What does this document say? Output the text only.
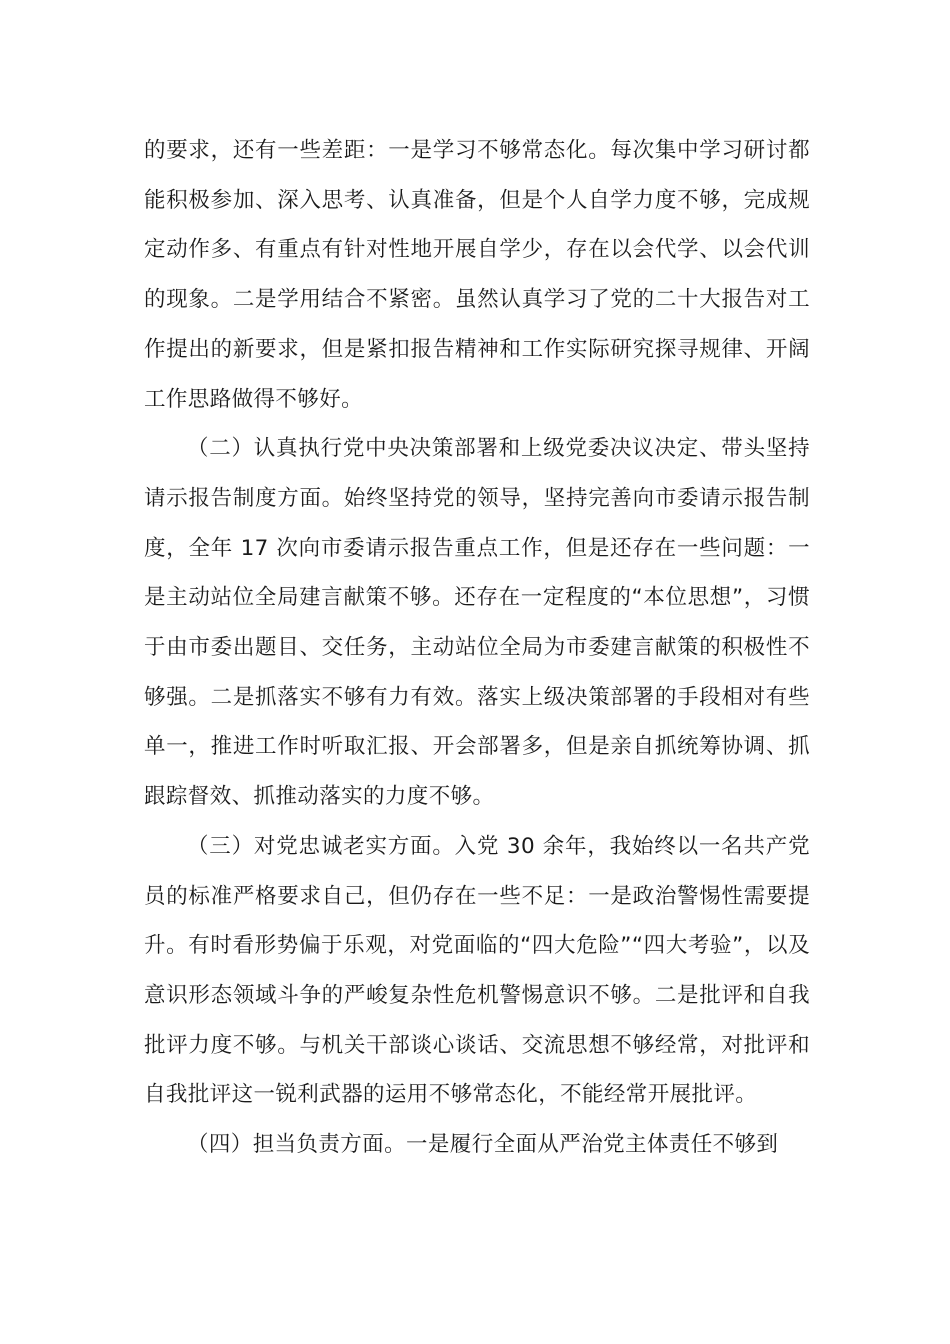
的要求，还有一些差距：一是学习不够常态化。每次集中学习研讨都能积极参加、深入思考、认真准备，但是个人自学力度不够，完成规定动作多、有重点有针对性地开展自学少，存在以会代学、以会代训的现象。二是学用结合不紧密。虽然认真学习了党的二十大报告对工作提出的新要求，但是紧扣报告精神和工作实际研究探寻规律、开阔工作思路做得不够好。

（二）认真执行党中央决策部署和上级党委决议决定、带头坚持请示报告制度方面。始终坚持党的领导，坚持完善向市委请示报告制度，全年 17 次向市委请示报告重点工作，但是还存在一些问题：一是主动站位全局建言献策不够。还存在一定程度的“本位思想”，习惯于由市委出题目、交任务，主动站位全局为市委建言献策的积极性不够强。二是抓落实不够有力有效。落实上级决策部署的手段相对有些单一，推进工作时听取汇报、开会部署多，但是亲自抓统筹协调、抓跟踪督效、抓推动落实的力度不够。

（三）对党忠诚老实方面。入党 30 余年，我始终以一名共产党员的标准严格要求自己，但仍存在一些不足：一是政治警惕性需要提升。有时看形势偏于乐观，对党面临的“四大危险”“四大考验”，以及意识形态领域斗争的严峻复杂性危机警惕意识不够。二是批评和自我批评力度不够。与机关干部谈心谈话、交流思想不够经常，对批评和自我批评这一锐利武器的运用不够常态化，不能经常开展批评。

（四）担当负责方面。一是履行全面从严治党主体责任不够到
